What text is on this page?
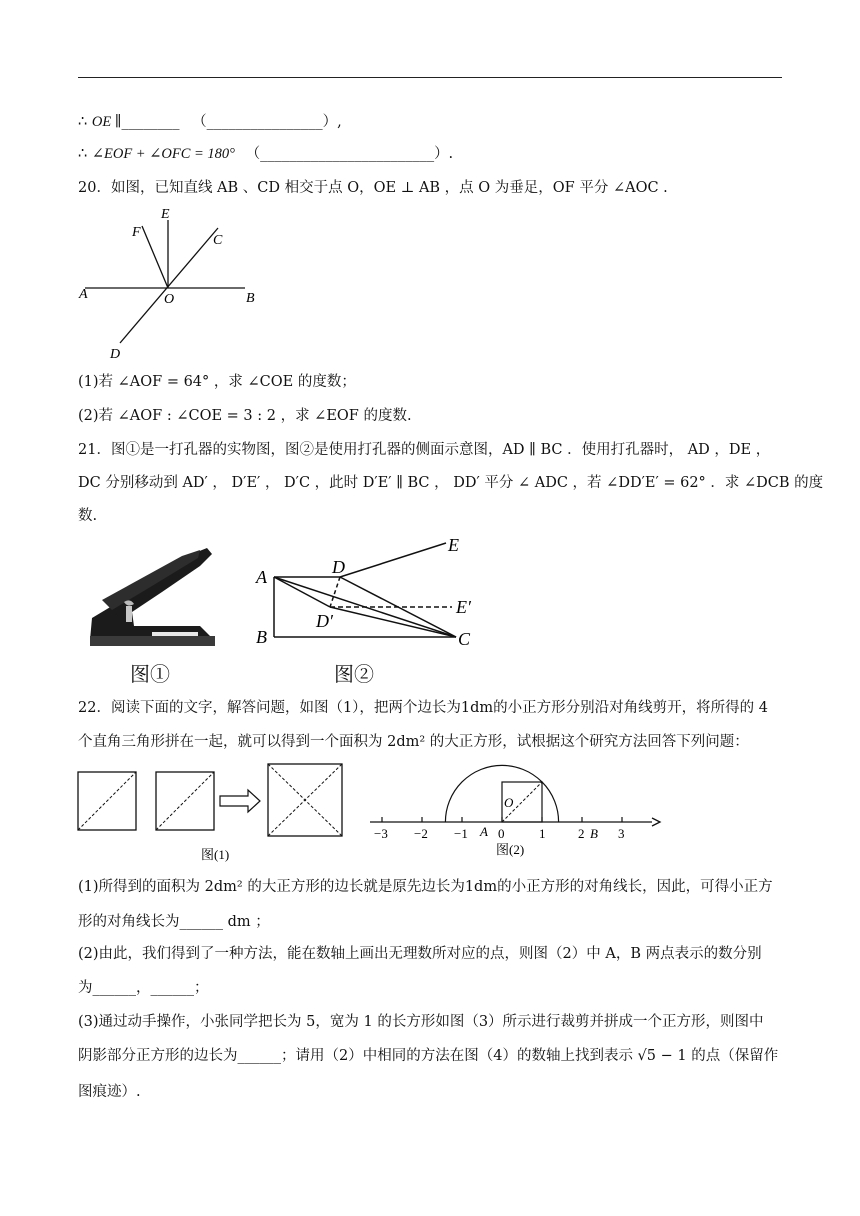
∴ OE ∥________ （________________）,
∴ ∠EOF + ∠OFC = 180° （________________________）.
20．如图，已知直线 AB 、CD 相交于点 O，OE ⊥ AB ，点 O 为垂足，OF 平分 ∠AOC .
E
F
C
A	O	B
D
(1)若 ∠AOF = 64° ，求 ∠COE 的度数；
(2)若 ∠AOF : ∠COE = 3 : 2 ，求 ∠EOF 的度数.
21．图①是一打孔器的实物图，图②是使用打孔器的侧面示意图，AD ∥ BC ．使用打孔器时， AD ，DE ，
DC 分别移动到 AD′ ， D′E′ ， D′C ，此时 D′E′ ∥ BC ， DD′ 平分 ∠ ADC ，若 ∠DD′E′ = 62° ．求 ∠DCB 的度
数.
A
B	C
D
D′
E
E′
图①	图②
22．阅读下面的文字，解答问题，如图（1），把两个边长为1dm的小正方形分别沿对角线剪开，将所得的 4
个直角三角形拼在一起，就可以得到一个面积为 2dm² 的大正方形，试根据这个研究方法回答下列问题：
图(1)
O
−3 −2 −1 0	1	2	3
A	B
图(2)
(1)所得到的面积为 2dm² 的大正方形的边长就是原先边长为1dm的小正方形的对角线长，因此，可得小正方
形的对角线长为______ dm ；
(2)由此，我们得到了一种方法，能在数轴上画出无理数所对应的点，则图（2）中 A，B 两点表示的数分别
为______，______；
(3)通过动手操作，小张同学把长为 5，宽为 1 的长方形如图（3）所示进行裁剪并拼成一个正方形，则图中
阴影部分正方形的边长为______；请用（2）中相同的方法在图（4）的数轴上找到表示 √5 − 1 的点（保留作
图痕迹）.
